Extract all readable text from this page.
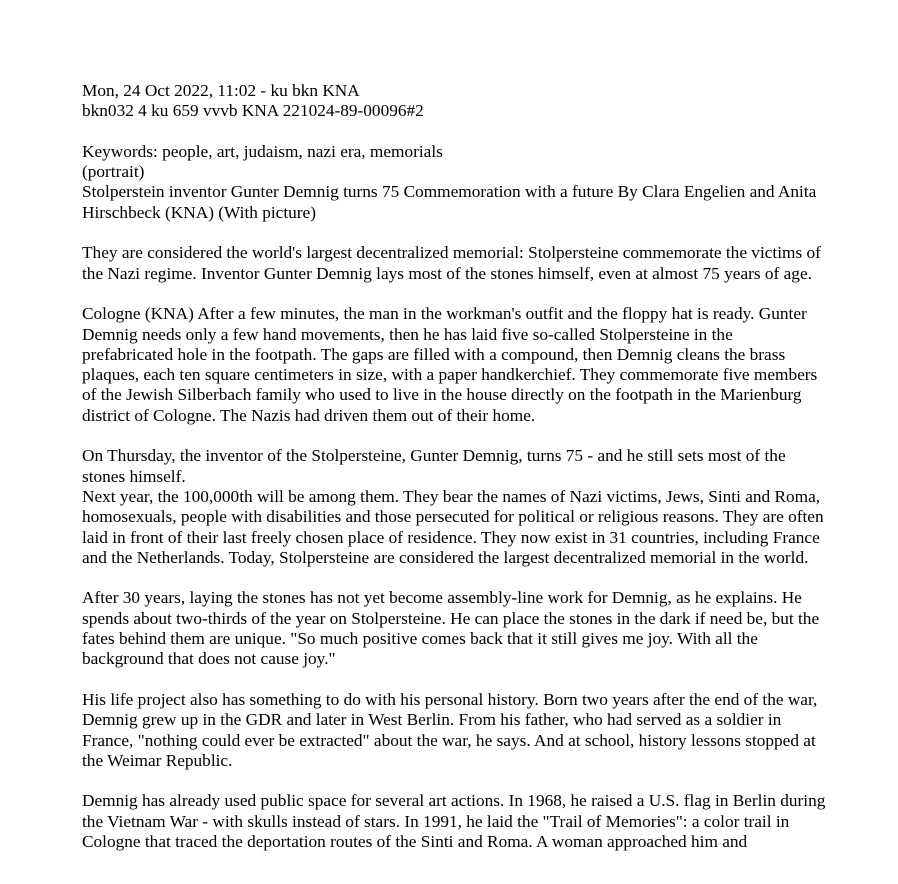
Mon, 24 Oct 2022, 11:02 - ku bkn KNA
bkn032 4 ku 659 vvvb KNA 221024-89-00096#2
Keywords: people, art, judaism, nazi era, memorials
(portrait)

Stolperstein inventor Gunter Demnig turns 75 Commemoration with a future By Clara Engelien and Anita Hirschbeck (KNA) (With picture)

They are considered the world's largest decentralized memorial: Stolpersteine commemorate the victims of the Nazi regime. Inventor Gunter Demnig lays most of the stones himself, even at almost 75 years of age.

Cologne (KNA) After a few minutes, the man in the workman's outfit and the floppy hat is ready. Gunter Demnig needs only a few hand movements, then he has laid five so-called Stolpersteine in the prefabricated hole in the footpath. The gaps are filled with a compound, then Demnig cleans the brass plaques, each ten square centimeters in size, with a paper handkerchief. They commemorate five members of the Jewish Silberbach family who used to live in the house directly on the footpath in the Marienburg district of Cologne. The Nazis had driven them out of their home.

On Thursday, the inventor of the Stolpersteine, Gunter Demnig, turns 75 - and he still sets most of the stones himself.

Next year, the 100,000th will be among them. They bear the names of Nazi victims, Jews, Sinti and Roma, homosexuals, people with disabilities and those persecuted for political or religious reasons. They are often laid in front of their last freely chosen place of residence. They now exist in 31 countries, including France and the Netherlands. Today, Stolpersteine are considered the largest decentralized memorial in the world.

After 30 years, laying the stones has not yet become assembly-line work for Demnig, as he explains. He spends about two-thirds of the year on Stolpersteine. He can place the stones in the dark if need be, but the fates behind them are unique. "So much positive comes back that it still gives me joy. With all the background that does not cause joy."

His life project also has something to do with his personal history. Born two years after the end of the war, Demnig grew up in the GDR and later in West Berlin. From his father, who had served as a soldier in France, "nothing could ever be extracted" about the war, he says. And at school, history lessons stopped at the Weimar Republic.

Demnig has already used public space for several art actions. In 1968, he raised a U.S. flag in Berlin during the Vietnam War - with skulls instead of stars. In 1991, he laid the "Trail of Memories": a color trail in Cologne that traced the deportation routes of the Sinti and Roma. A woman approached him and
